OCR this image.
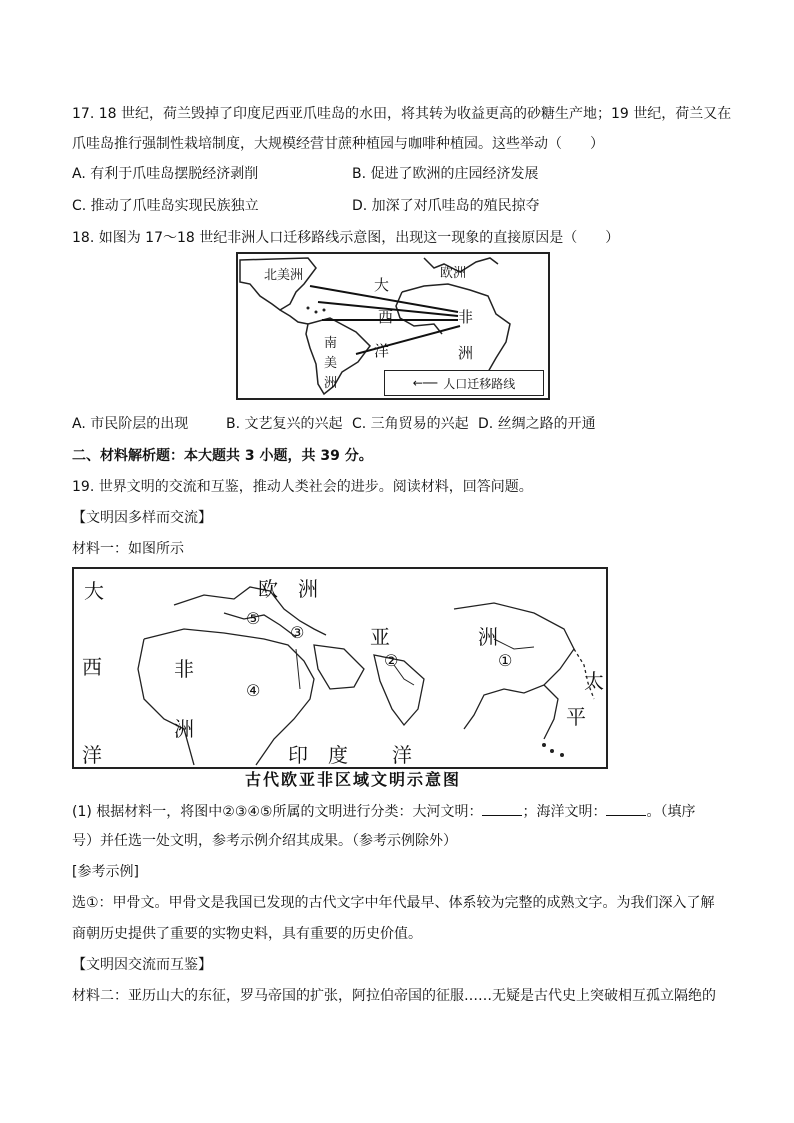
17. 18 世纪，荷兰毁掉了印度尼西亚爪哇岛的水田，将其转为收益更高的砂糖生产地；19 世纪，荷兰又在
爪哇岛推行强制性栽培制度，大规模经营甘蔗种植园与咖啡种植园。这些举动（　　）
A. 有利于爪哇岛摆脱经济剥削	B. 促进了欧洲的庄园经济发展
C. 推动了爪哇岛实现民族独立	D. 加深了对爪哇岛的殖民掠夺
18. 如图为 17～18 世纪非洲人口迁移路线示意图，出现这一现象的直接原因是（　　）
北美洲
大
西
洋
欧洲
非
洲
南
美
洲	←── 人口迁移路线
A. 市民阶层的出现	B. 文艺复兴的兴起 C. 三角贸易的兴起 D. 丝绸之路的开通
二、材料解析题：本大题共 3 小题，共 39 分。
19. 世界文明的交流和互鉴，推动人类社会的进步。阅读材料，回答问题。
【文明因多样而交流】
材料一：如图所示
大
西
洋
欧　洲
亚	洲
非
洲
印　度 洋
太
平
①
②
③
④
⑤
古代欧亚非区域文明示意图
(1) 根据材料一，将图中②③④⑤所属的文明进行分类：大河文明：	；海洋文明：	。（填序
号）并任选一处文明，参考示例介绍其成果。（参考示例除外）
[参考示例]
选①：甲骨文。甲骨文是我国已发现的古代文字中年代最早、体系较为完整的成熟文字。为我们深入了解
商朝历史提供了重要的实物史料，具有重要的历史价值。
【文明因交流而互鉴】
材料二：亚历山大的东征，罗马帝国的扩张，阿拉伯帝国的征服……无疑是古代史上突破相互孤立隔绝的
